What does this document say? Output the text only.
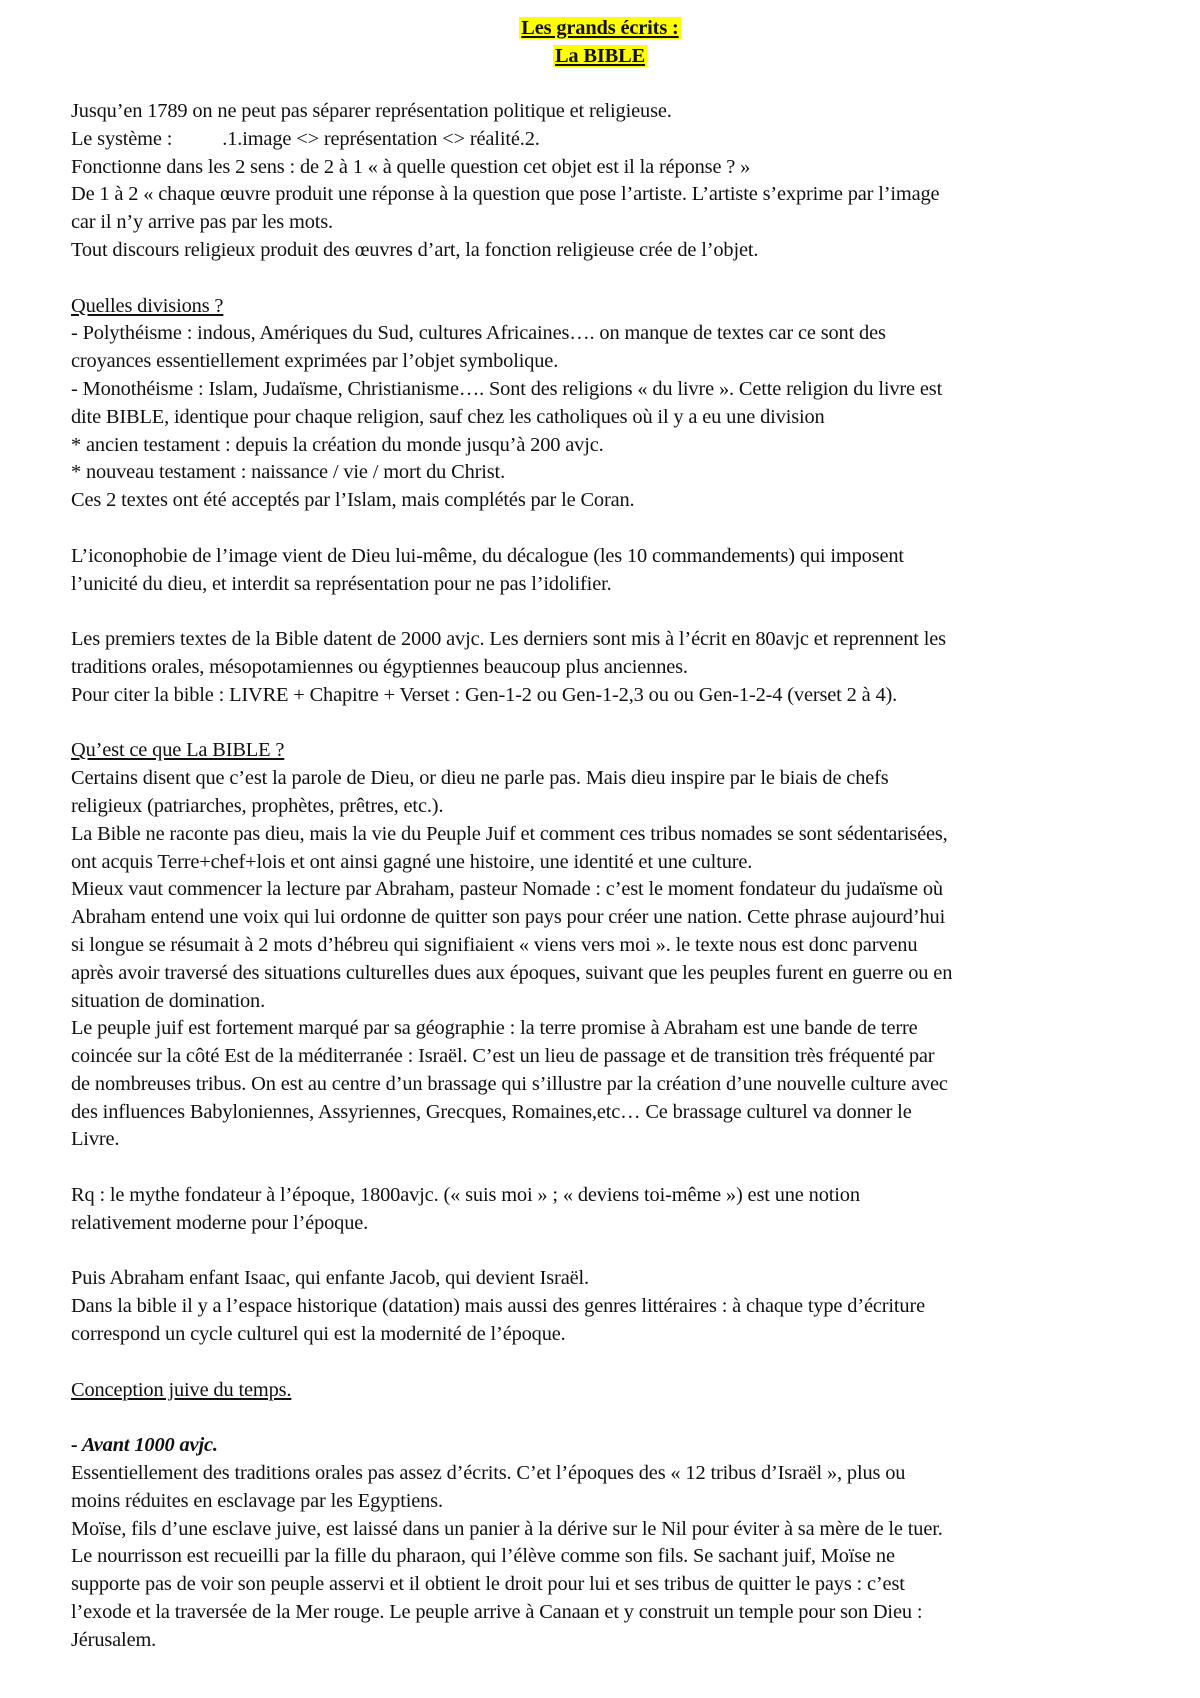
Les grands écrits :
La BIBLE
Jusqu’en 1789 on ne peut pas séparer représentation politique et religieuse.
Le système : .1.image <> représentation <> réalité.2.
Fonctionne dans les 2 sens : de 2 à 1 « à quelle question cet objet est il la réponse ? »
De 1 à 2 « chaque œuvre produit une réponse à la question que pose l’artiste. L’artiste s’exprime par l’image
car il n’y arrive pas par les mots.
Tout discours religieux produit des œuvres d’art, la fonction religieuse crée de l’objet.
Quelles divisions ?
- Polythéisme : indous, Amériques du Sud, cultures Africaines…. on manque de textes car ce sont des
croyances essentiellement exprimées par l’objet symbolique.
- Monothéisme : Islam, Judaïsme, Christianisme…. Sont des religions « du livre ». Cette religion du livre est
dite BIBLE, identique pour chaque religion, sauf chez les catholiques où il y a eu une division
* ancien testament : depuis la création du monde jusqu’à 200 avjc.
* nouveau testament : naissance / vie / mort du Christ.
Ces 2 textes ont été acceptés par l’Islam, mais complétés par le Coran.
L’iconophobie de l’image vient de Dieu lui-même, du décalogue (les 10 commandements) qui imposent
l’unicité du dieu, et interdit sa représentation pour ne pas l’idolifier.
Les premiers textes de la Bible datent de 2000 avjc. Les derniers sont mis à l’écrit en 80avjc et reprennent les
traditions orales, mésopotamiennes ou égyptiennes beaucoup plus anciennes.
Pour citer la bible : LIVRE + Chapitre + Verset : Gen-1-2 ou Gen-1-2,3 ou ou Gen-1-2-4 (verset 2 à 4).
Qu’est ce que La BIBLE ?
Certains disent que c’est la parole de Dieu, or dieu ne parle pas. Mais dieu inspire par le biais de chefs
religieux (patriarches, prophètes, prêtres, etc.).
La Bible ne raconte pas dieu, mais la vie du Peuple Juif et comment ces tribus nomades se sont sédentarisées,
ont acquis Terre+chef+lois et ont ainsi gagné une histoire, une identité et une culture.
Mieux vaut commencer la lecture par Abraham, pasteur Nomade : c’est le moment fondateur du judaïsme où
Abraham entend une voix qui lui ordonne de quitter son pays pour créer une nation. Cette phrase aujourd’hui
si longue se résumait à 2 mots d’hébreu qui signifiaient « viens vers moi ». le texte nous est donc parvenu
après avoir traversé des situations culturelles dues aux époques, suivant que les peuples furent en guerre ou en
situation de domination.
Le peuple juif est fortement marqué par sa géographie : la terre promise à Abraham est une bande de terre
coincée sur la côté Est de la méditerranée : Israël. C’est un lieu de passage et de transition très fréquenté par
de nombreuses tribus. On est au centre d’un brassage qui s’illustre par la création d’une nouvelle culture avec
des influences Babyloniennes, Assyriennes, Grecques, Romaines,etc… Ce brassage culturel va donner le
Livre.
Rq : le mythe fondateur à l’époque, 1800avjc. (« suis moi » ; « deviens toi-même ») est une notion
relativement moderne pour l’époque.
Puis Abraham enfant Isaac, qui enfante Jacob, qui devient Israël.
Dans la bible il y a l’espace historique (datation) mais aussi des genres littéraires : à chaque type d’écriture
correspond un cycle culturel qui est la modernité de l’époque.
Conception juive du temps.
- Avant 1000 avjc.
Essentiellement des traditions orales pas assez d’écrits. C’et l’époques des « 12 tribus d’Israël », plus ou
moins réduites en esclavage par les Egyptiens.
Moïse, fils d’une esclave juive, est laissé dans un panier à la dérive sur le Nil pour éviter à sa mère de le tuer.
Le nourrisson est recueilli par la fille du pharaon, qui l’élève comme son fils. Se sachant juif, Moïse ne
supporte pas de voir son peuple asservi et il obtient le droit pour lui et ses tribus de quitter le pays : c’est
l’exode et la traversée de la Mer rouge. Le peuple arrive à Canaan et y construit un temple pour son Dieu :
Jérusalem.
